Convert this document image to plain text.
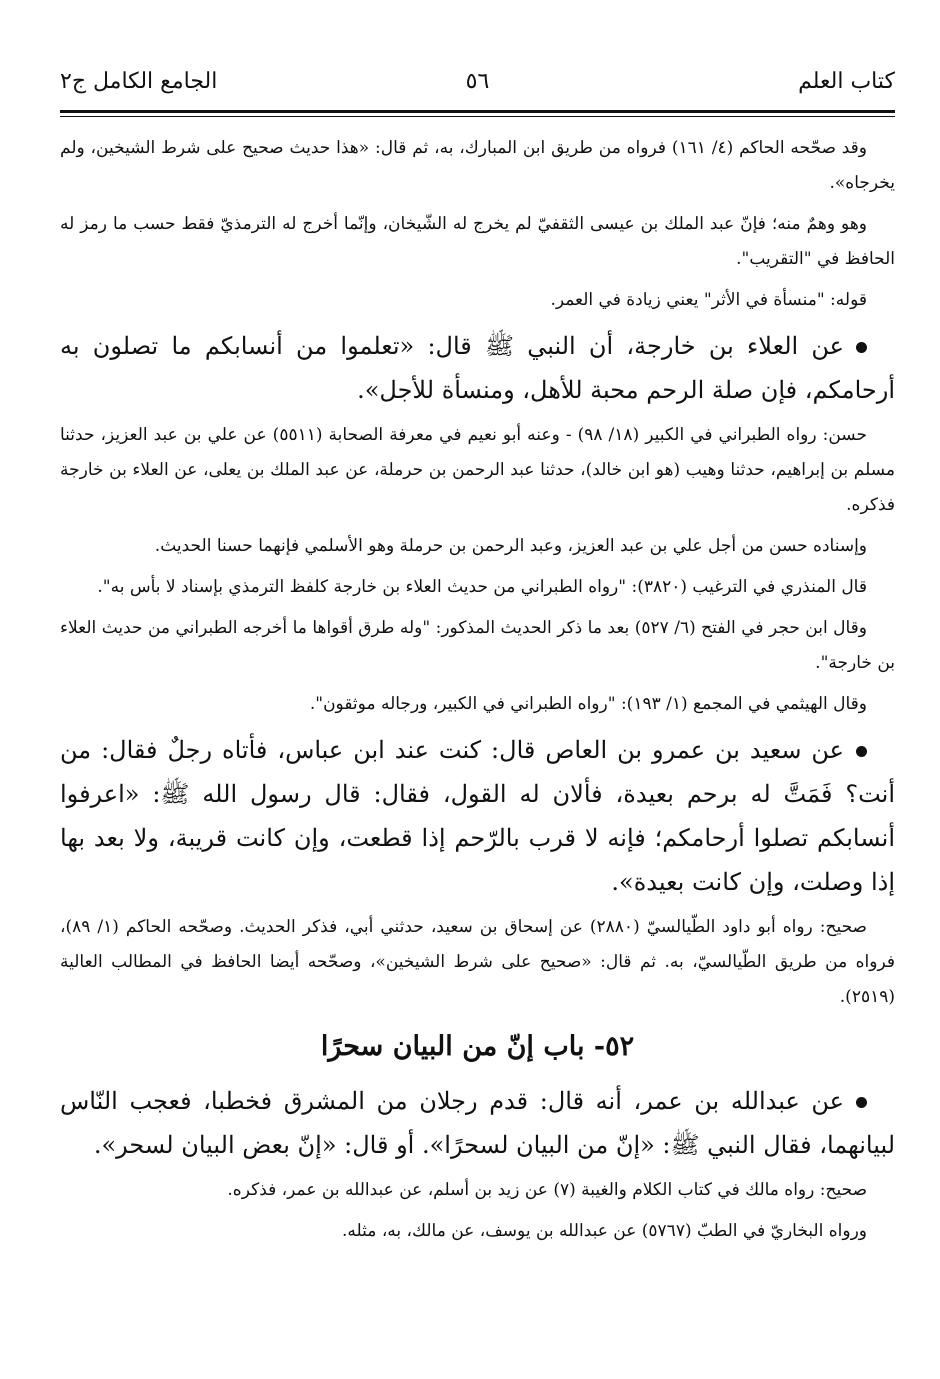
كتاب العلم
٥٦
الجامع الكامل ج٢

وقد صحّحه الحاكم (٤/ ١٦١) فرواه من طريق ابن المبارك، به، ثم قال: «هذا حديث صحيح على شرط الشيخين، ولم يخرجاه».

وهو وهمٌ منه؛ فإنّ عبد الملك بن عيسى الثقفيّ لم يخرج له الشّيخان، وإنّما أخرج له الترمذيّ فقط حسب ما رمز له الحافظ في "التقريب".

قوله: "منسأة في الأثر" يعني زيادة في العمر.

عن العلاء بن خارجة، أن النبي ﷺ قال: «تعلموا من أنسابكم ما تصلون به أرحامكم، فإن صلة الرحم محبة للأهل، ومنسأة للأجل».

حسن: رواه الطبراني في الكبير (١٨/ ٩٨) - وعنه أبو نعيم في معرفة الصحابة (٥٥١١) عن علي بن عبد العزيز، حدثنا مسلم بن إبراهيم، حدثنا وهيب (هو ابن خالد)، حدثنا عبد الرحمن بن حرملة، عن عبد الملك بن يعلى، عن العلاء بن خارجة فذكره.

وإسناده حسن من أجل علي بن عبد العزيز، وعبد الرحمن بن حرملة وهو الأسلمي فإنهما حسنا الحديث.

قال المنذري في الترغيب (٣٨٢٠): "رواه الطبراني من حديث العلاء بن خارجة كلفظ الترمذي بإسناد لا بأس به".

وقال ابن حجر في الفتح (٦/ ٥٢٧) بعد ما ذكر الحديث المذكور: "وله طرق أقواها ما أخرجه الطبراني من حديث العلاء بن خارجة".

وقال الهيثمي في المجمع (١/ ١٩٣): "رواه الطبراني في الكبير، ورجاله موثقون".

عن سعيد بن عمرو بن العاص قال: كنت عند ابن عباس، فأتاه رجلٌ فقال: من أنت؟ فَمَتَّ له برحم بعيدة، فألان له القول، فقال: قال رسول الله ﷺ: «اعرفوا أنسابكم تصلوا أرحامكم؛ فإنه لا قرب بالرّحم إذا قطعت، وإن كانت قريبة، ولا بعد بها إذا وصلت، وإن كانت بعيدة».

صحيح: رواه أبو داود الطّيالسيّ (٢٨٨٠) عن إسحاق بن سعيد، حدثني أبي، فذكر الحديث. وصحّحه الحاكم (١/ ٨٩)، فرواه من طريق الطّيالسيّ، به. ثم قال: «صحيح على شرط الشيخين»، وصحّحه أيضا الحافظ في المطالب العالية (٢٥١٩).

٥٢- باب إنّ من البيان سحرًا

عن عبدالله بن عمر، أنه قال: قدم رجلان من المشرق فخطبا، فعجب النّاس لبيانهما، فقال النبي ﷺ: «إنّ من البيان لسحرًا». أو قال: «إنّ بعض البيان لسحر».

صحيح: رواه مالك في كتاب الكلام والغيبة (٧) عن زيد بن أسلم، عن عبدالله بن عمر، فذكره.

ورواه البخاريّ في الطبّ (٥٧٦٧) عن عبدالله بن يوسف، عن مالك، به، مثله.
